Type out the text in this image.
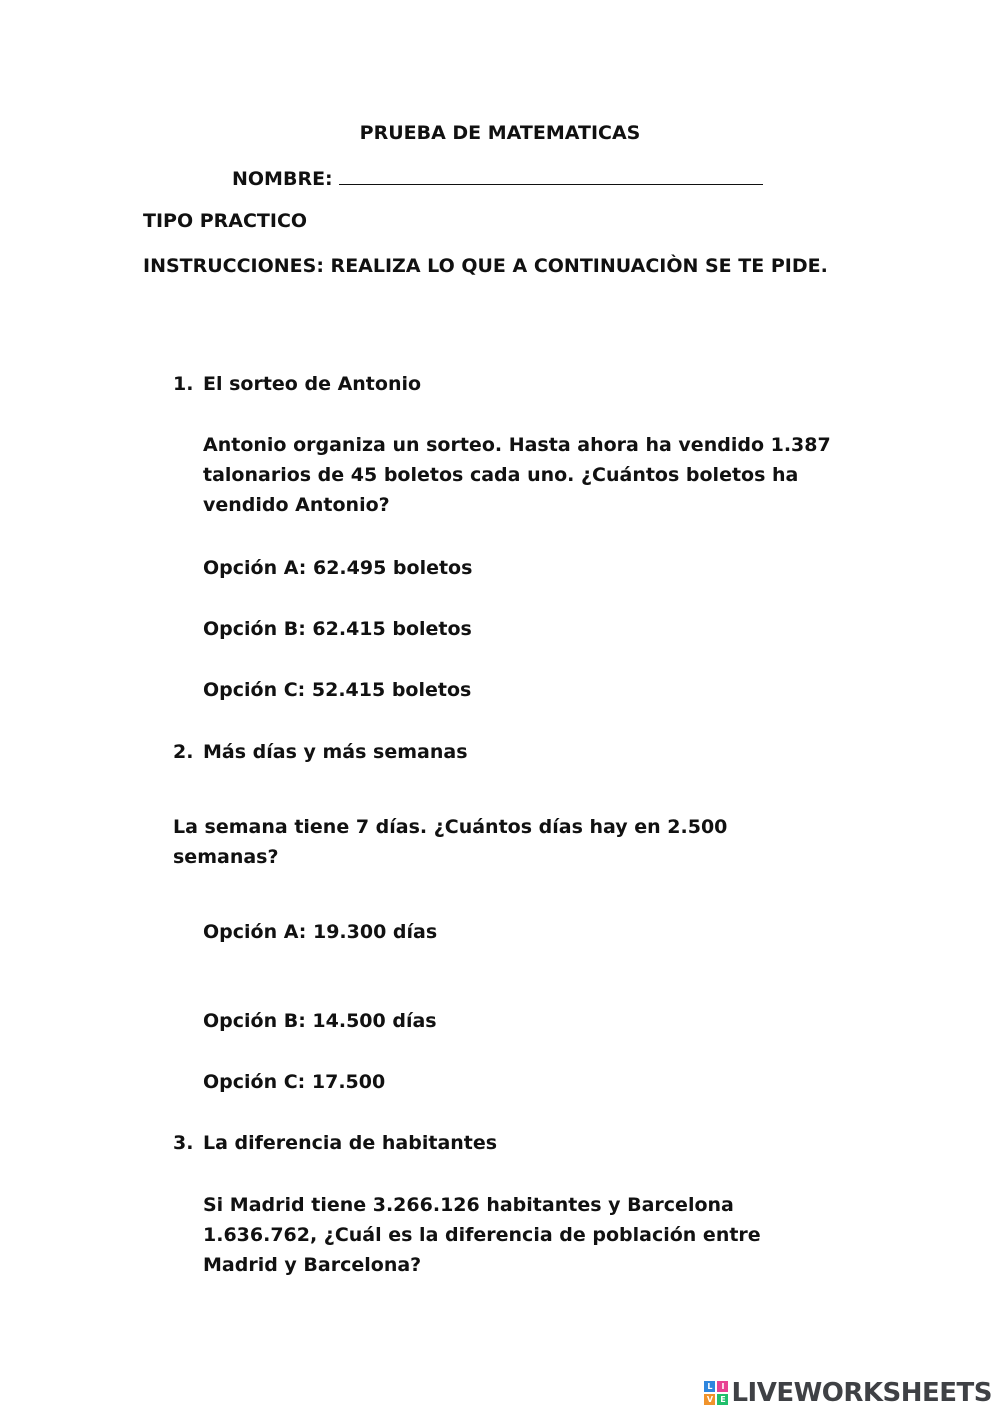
PRUEBA DE MATEMATICAS
NOMBRE:
TIPO PRACTICO
INSTRUCCIONES: REALIZA LO QUE A CONTINUACIÒN SE TE PIDE.
1. El sorteo de Antonio
Antonio organiza un sorteo. Hasta ahora ha vendido 1.387 talonarios de 45 boletos cada uno. ¿Cuántos boletos ha vendido Antonio?
Opción A: 62.495 boletos
Opción B: 62.415 boletos
Opción C: 52.415 boletos
2. Más días y más semanas
La semana tiene 7 días. ¿Cuántos días hay en 2.500 semanas?
Opción A: 19.300 días
Opción B: 14.500 días
Opción C: 17.500
3. La diferencia de habitantes
Si Madrid tiene 3.266.126 habitantes y Barcelona 1.636.762, ¿Cuál es la diferencia de población entre Madrid y Barcelona?
L	I
V E LIVEWORKSHEETS
